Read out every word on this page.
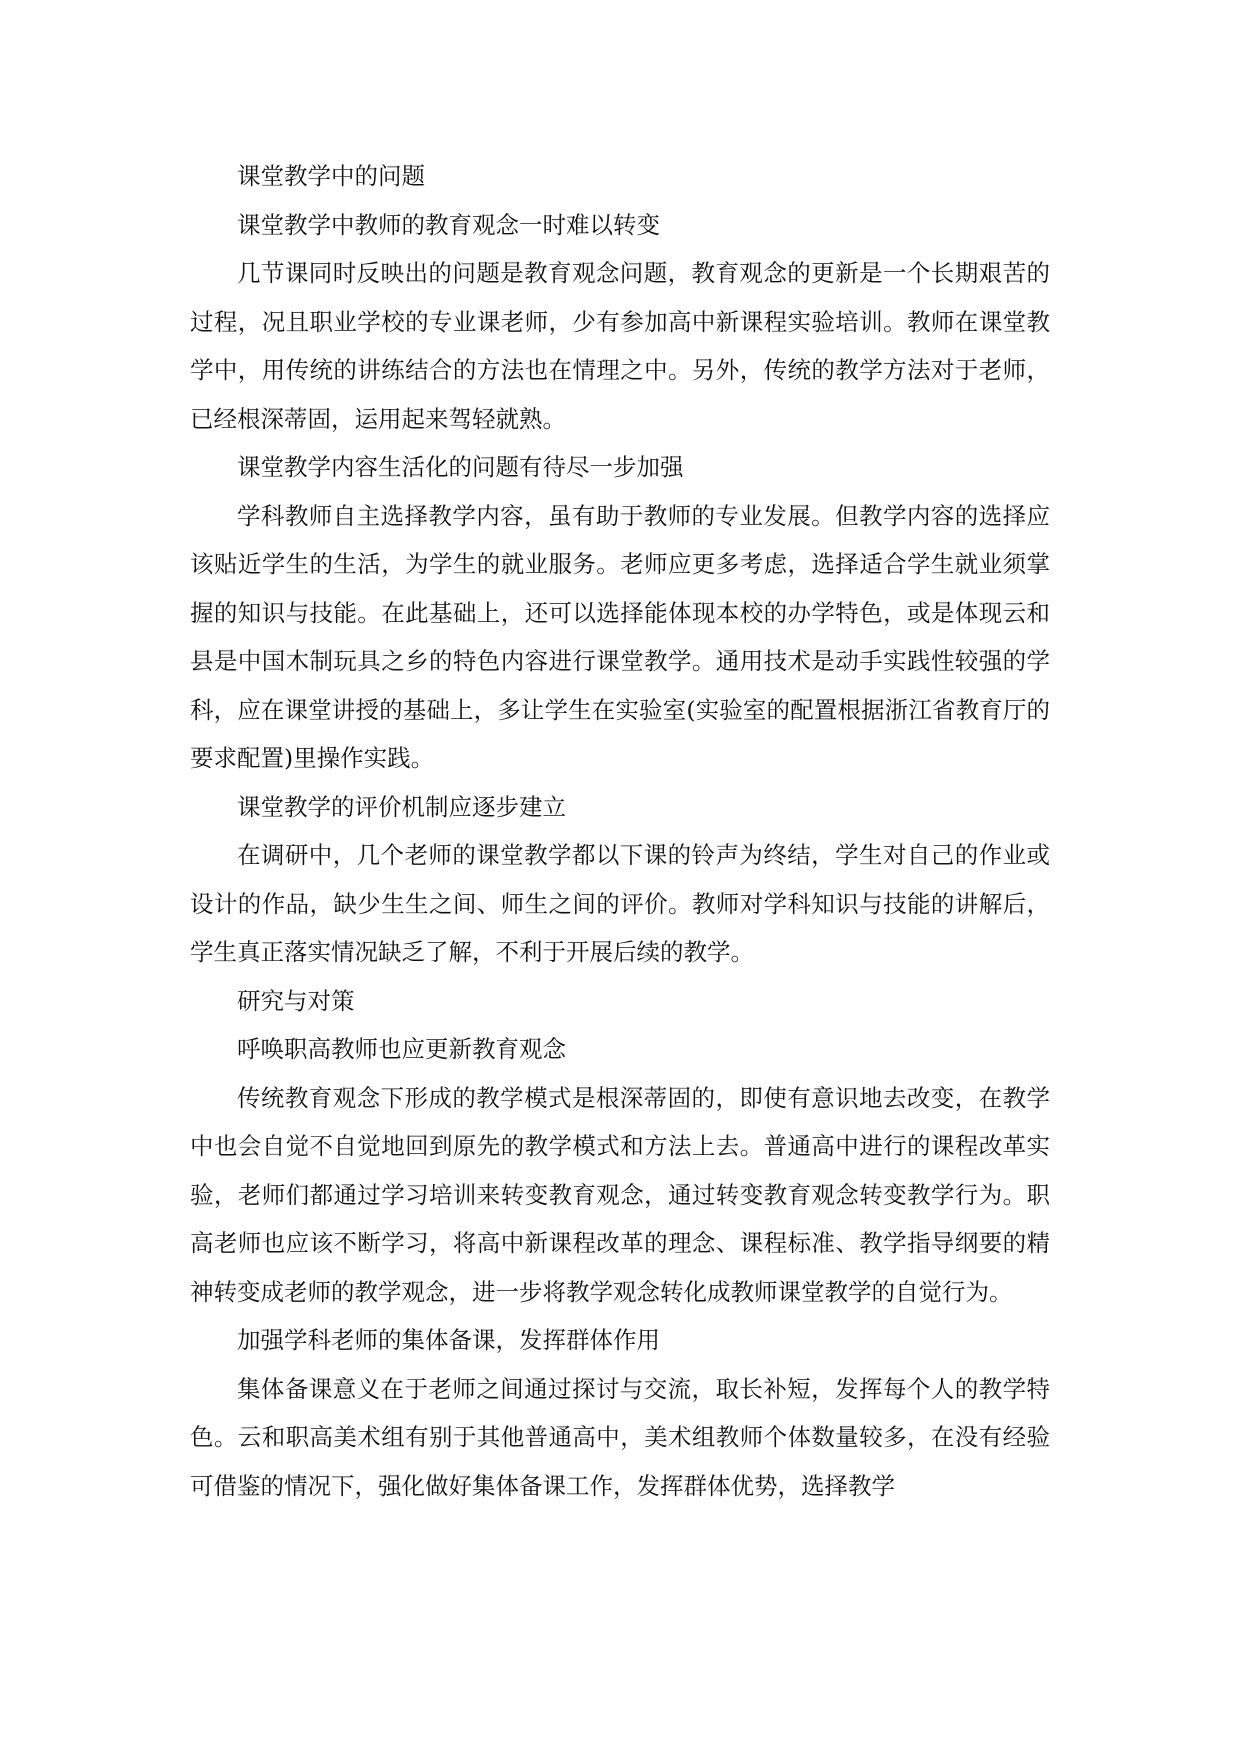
课堂教学中的问题

课堂教学中教师的教育观念一时难以转变

几节课同时反映出的问题是教育观念问题，教育观念的更新是一个长期艰苦的过程，况且职业学校的专业课老师，少有参加高中新课程实验培训。教师在课堂教学中，用传统的讲练结合的方法也在情理之中。另外，传统的教学方法对于老师，已经根深蒂固，运用起来驾轻就熟。

课堂教学内容生活化的问题有待尽一步加强

学科教师自主选择教学内容，虽有助于教师的专业发展。但教学内容的选择应该贴近学生的生活，为学生的就业服务。老师应更多考虑，选择适合学生就业须掌握的知识与技能。在此基础上，还可以选择能体现本校的办学特色，或是体现云和县是中国木制玩具之乡的特色内容进行课堂教学。通用技术是动手实践性较强的学科，应在课堂讲授的基础上，多让学生在实验室(实验室的配置根据浙江省教育厅的要求配置)里操作实践。

课堂教学的评价机制应逐步建立

在调研中，几个老师的课堂教学都以下课的铃声为终结，学生对自己的作业或设计的作品，缺少生生之间、师生之间的评价。教师对学科知识与技能的讲解后，学生真正落实情况缺乏了解，不利于开展后续的教学。

研究与对策

呼唤职高教师也应更新教育观念

传统教育观念下形成的教学模式是根深蒂固的，即使有意识地去改变，在教学中也会自觉不自觉地回到原先的教学模式和方法上去。普通高中进行的课程改革实验，老师们都通过学习培训来转变教育观念，通过转变教育观念转变教学行为。职高老师也应该不断学习，将高中新课程改革的理念、课程标准、教学指导纲要的精神转变成老师的教学观念，进一步将教学观念转化成教师课堂教学的自觉行为。

加强学科老师的集体备课，发挥群体作用

集体备课意义在于老师之间通过探讨与交流，取长补短，发挥每个人的教学特色。云和职高美术组有别于其他普通高中，美术组教师个体数量较多，在没有经验可借鉴的情况下，强化做好集体备课工作，发挥群体优势，选择教学
